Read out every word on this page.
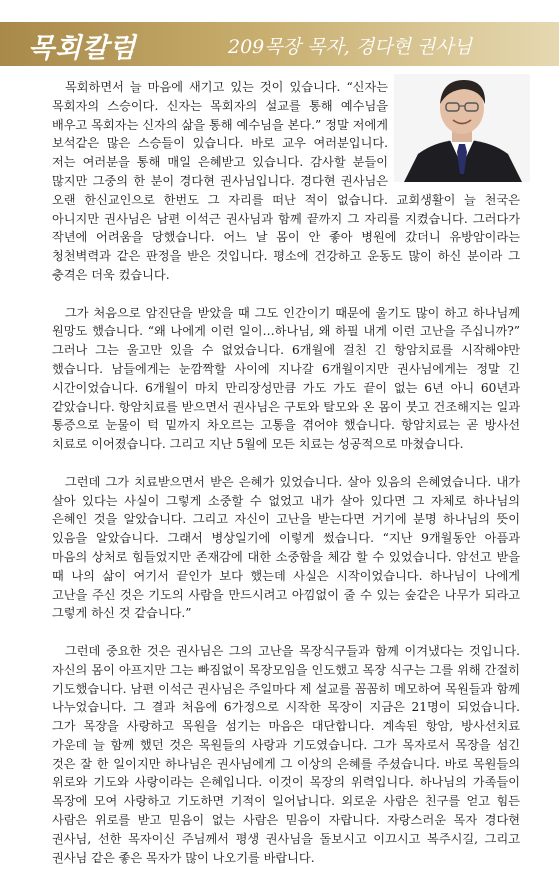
목회칼럼	209목장 목자, 경다현 권사님

목회하면서 늘 마음에 새기고 있는 것이 있습니다. “신자는 목회자의 스승이다. 신자는 목회자의 설교를 통해 예수님을 배우고 목회자는 신자의 삶을 통해 예수님을 본다.” 정말 저에게 보석같은 많은 스승들이 있습니다. 바로 교우 여러분입니다. 저는 여러분을 통해 매일 은혜받고 있습니다. 감사할 분들이 많지만 그중의 한 분이 경다현 권사님입니다. 경다현 권사님은 오랜 한신교인으로 한번도 그 자리를 떠난 적이 없습니다. 교회생활이 늘 천국은 아니지만 권사님은 남편 이석근 권사님과 함께 끝까지 그 자리를 지켰습니다. 그러다가 작년에 어려움을 당했습니다. 어느 날 몸이 안 좋아 병원에 갔더니 유방암이라는 청천벽력과 같은 판정을 받은 것입니다. 평소에 건강하고 운동도 많이 하신 분이라 그 충격은 더욱 컸습니다.

그가 처음으로 암진단을 받았을 때 그도 인간이기 때문에 울기도 많이 하고 하나님께 원망도 했습니다. “왜 나에게 이런 일이…하나님, 왜 하필 내게 이런 고난을 주십니까?” 그러나 그는 울고만 있을 수 없었습니다. 6개월에 걸친 긴 항암치료를 시작해야만 했습니다. 남들에게는 눈깜짝할 사이에 지나갈 6개월이지만 권사님에게는 정말 긴 시간이었습니다. 6개월이 마치 만리장성만큼 가도 가도 끝이 없는 6년 아니 60년과 같았습니다. 항암치료를 받으면서 권사님은 구토와 탈모와 온 몸이 붓고 건조해지는 일과 통증으로 눈물이 턱 밑까지 차오르는 고통을 겪어야 했습니다. 항암치료는 곧 방사선 치료로 이어졌습니다. 그리고 지난 5월에 모든 치료는 성공적으로 마쳤습니다.

그런데 그가 치료받으면서 받은 은혜가 있었습니다. 살아 있음의 은혜였습니다. 내가 살아 있다는 사실이 그렇게 소중할 수 없었고 내가 살아 있다면 그 자체로 하나님의 은혜인 것을 알았습니다. 그리고 자신이 고난을 받는다면 거기에 분명 하나님의 뜻이 있음을 알았습니다. 그래서 병상일기에 이렇게 썼습니다. “지난 9개월동안 아픔과 마음의 상처로 힘들었지만 존재감에 대한 소중함을 체감 할 수 있었습니다. 암선고 받을 때 나의 삶이 여기서 끝인가 보다 했는데 사실은 시작이었습니다. 하나님이 나에게 고난을 주신 것은 기도의 사람을 만드시려고 아낌없이 줄 수 있는 숲같은 나무가 되라고 그렇게 하신 것 같습니다.”

그런데 중요한 것은 권사님은 그의 고난을 목장식구들과 함께 이겨냈다는 것입니다. 자신의 몸이 아프지만 그는 빠짐없이 목장모임을 인도했고 목장 식구는 그를 위해 간절히 기도했습니다. 남편 이석근 권사님은 주일마다 제 설교를 꼼꼼히 메모하여 목원들과 함께 나누었습니다. 그 결과 처음에 6가정으로 시작한 목장이 지금은 21명이 되었습니다. 그가 목장을 사랑하고 목원을 섬기는 마음은 대단합니다. 계속된 항암, 방사선치료 가운데 늘 함께 했던 것은 목원들의 사랑과 기도였습니다. 그가 목자로서 목장을 섬긴 것은 잘 한 일이지만 하나님은 권사님에게 그 이상의 은혜를 주셨습니다. 바로 목원들의 위로와 기도와 사랑이라는 은혜입니다. 이것이 목장의 위력입니다. 하나님의 가족들이 목장에 모여 사랑하고 기도하면 기적이 일어납니다. 외로운 사람은 친구를 얻고 힘든 사람은 위로를 받고 믿음이 없는 사람은 믿음이 자랍니다. 자랑스러운 목자 경다현 권사님, 선한 목자이신 주님께서 평생 권사님을 돌보시고 이끄시고 복주시길, 그리고 권사님 같은 좋은 목자가 많이 나오기를 바랍니다.
